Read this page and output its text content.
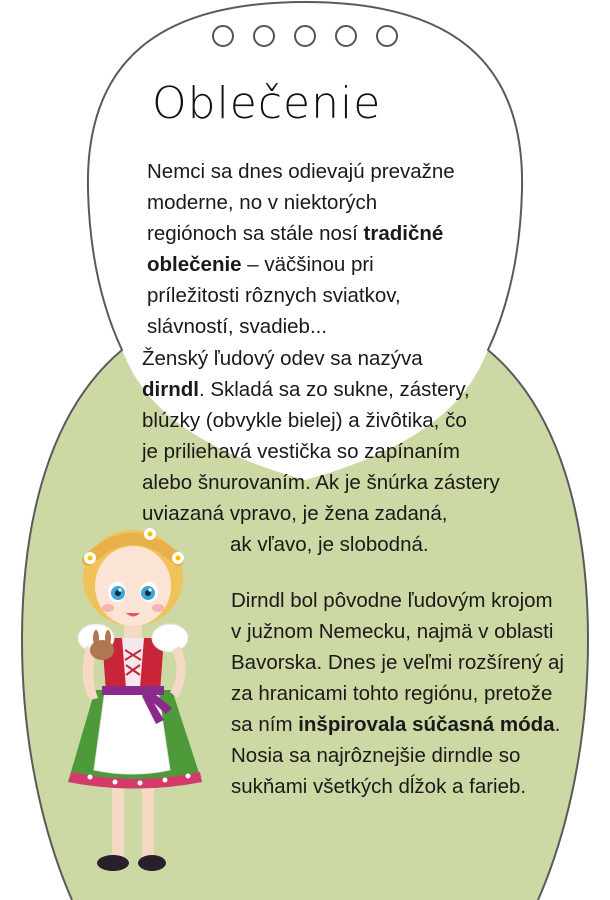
Oblečenie

Nemci sa dnes odievajú prevažne
moderne, no v niektorých
regiónoch sa stále nosí tradičné
oblečenie – väčšinou pri
príležitosti rôznych sviatkov,
slávností, svadieb...

Ženský ľudový odev sa nazýva
dirndl. Skladá sa zo sukne, zástery,
blúzky (obvykle bielej) a živôtika, čo
je priliehavá vestička so zapínaním
alebo šnurovaním. Ak je šnúrka zástery
uviazaná vpravo, je žena zadaná,
ak vľavo, je slobodná.

Dirndl bol pôvodne ľudovým krojom
v južnom Nemecku, najmä v oblasti
Bavorska. Dnes je veľmi rozšírený aj
za hranicami tohto regiónu, pretože
sa ním inšpirovala súčasná móda.
Nosia sa najrôznejšie dirndle so
sukňami všetkých dĺžok a farieb.
